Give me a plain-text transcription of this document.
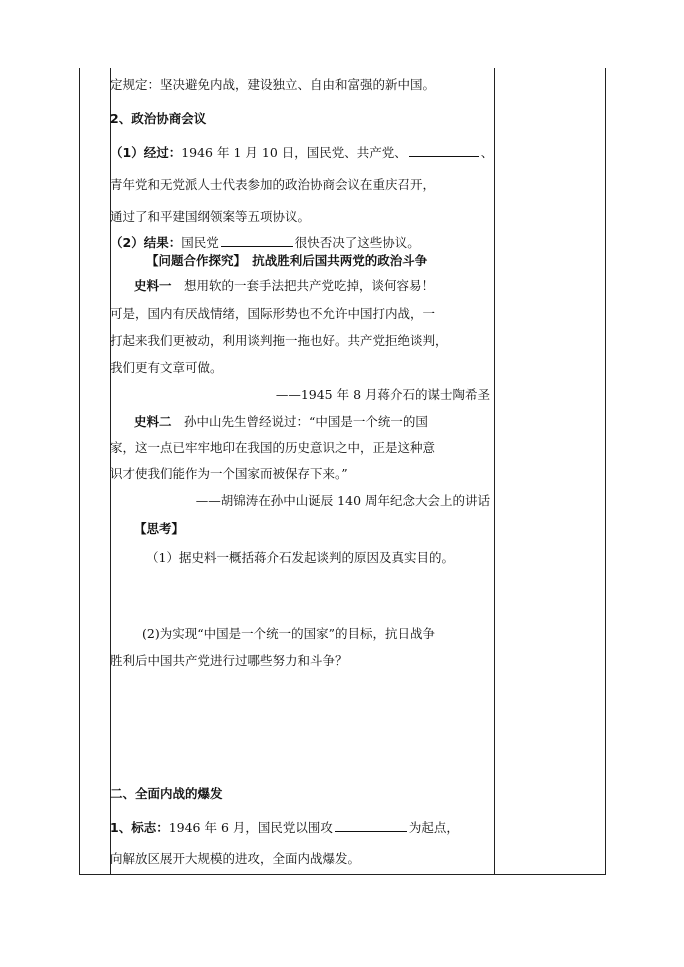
定规定：坚决避免内战，建设独立、自由和富强的新中国。
2、政治协商会议
（1）经过：1946 年 1 月 10 日，国民党、共产党、	、
青年党和无党派人士代表参加的政治协商会议在重庆召开，
通过了和平建国纲领案等五项协议。
（2）结果：国民党	很快否决了这些协议。
【问题合作探究】　抗战胜利后国共两党的政治斗争
史料一　想用软的一套手法把共产党吃掉，谈何容易！
可是，国内有厌战情绪，国际形势也不允许中国打内战，一
打起来我们更被动，利用谈判拖一拖也好。共产党拒绝谈判，
我们更有文章可做。
——1945 年 8 月蒋介石的谋士陶希圣
史料二　孙中山先生曾经说过：“中国是一个统一的国
家，这一点已牢牢地印在我国的历史意识之中，正是这种意
识才使我们能作为一个国家而被保存下来。”
——胡锦涛在孙中山诞辰 140 周年纪念大会上的讲话
【思考】
（1）据史料一概括蒋介石发起谈判的原因及真实目的。
(2)为实现“中国是一个统一的国家”的目标，抗日战争
胜利后中国共产党进行过哪些努力和斗争？
二、全面内战的爆发
1、标志：1946 年 6 月，国民党以围攻	为起点，
向解放区展开大规模的进攻，全面内战爆发。
